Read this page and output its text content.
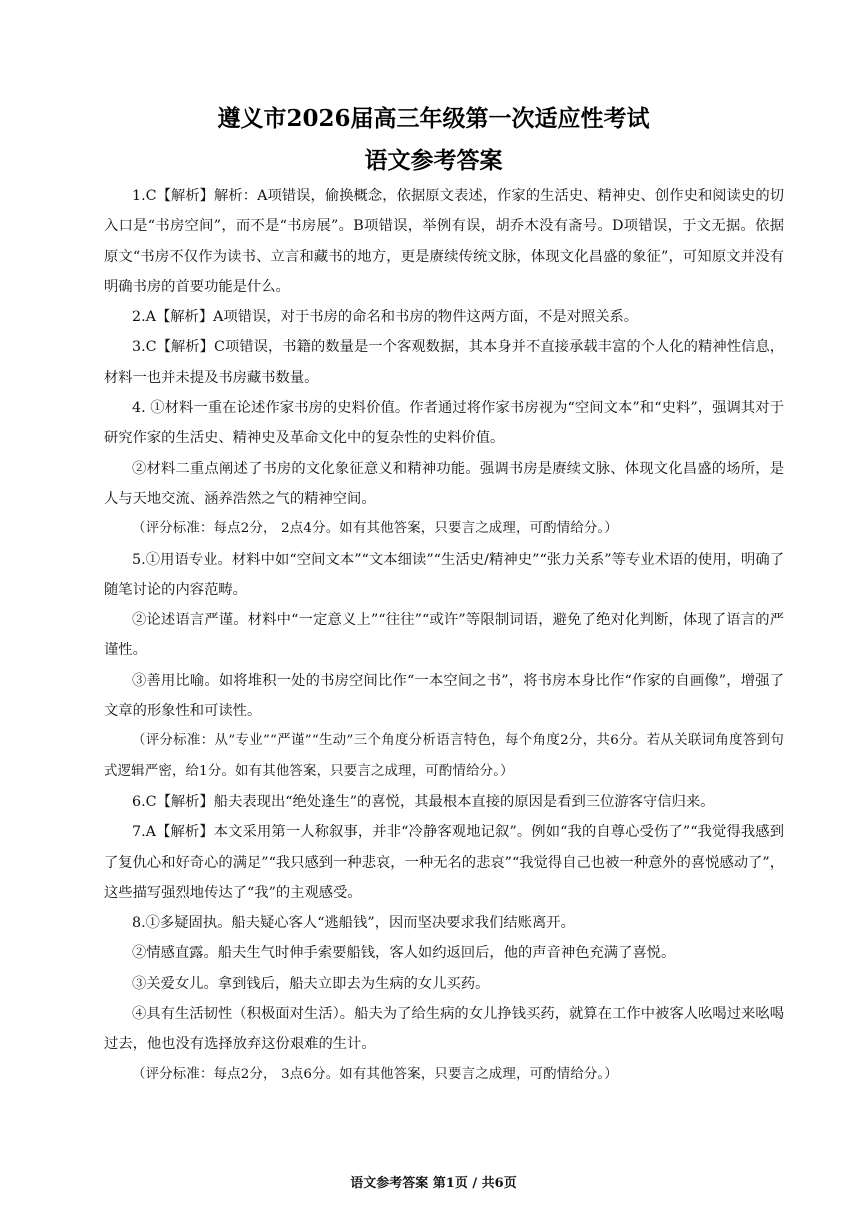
遵义市2026届高三年级第一次适应性考试
语文参考答案

1.C【解析】解析：A项错误，偷换概念，依据原文表述，作家的生活史、精神史、创作史和阅读史的切入口是“书房空间”，而不是“书房展”。B项错误，举例有误，胡乔木没有斋号。D项错误，于文无据。依据原文“书房不仅作为读书、立言和藏书的地方，更是赓续传统文脉，体现文化昌盛的象征”，可知原文并没有明确书房的首要功能是什么。

2.A【解析】A项错误，对于书房的命名和书房的物件这两方面，不是对照关系。

3.C【解析】C项错误，书籍的数量是一个客观数据，其本身并不直接承载丰富的个人化的精神性信息，材料一也并未提及书房藏书数量。

4. ①材料一重在论述作家书房的史料价值。作者通过将作家书房视为“空间文本”和“史料”，强调其对于研究作家的生活史、精神史及革命文化中的复杂性的史料价值。

②材料二重点阐述了书房的文化象征意义和精神功能。强调书房是赓续文脉、体现文化昌盛的场所，是人与天地交流、涵养浩然之气的精神空间。

（评分标准：每点2分， 2点4分。如有其他答案，只要言之成理，可酌情给分。）

5.①用语专业。材料中如“空间文本”“文本细读”“生活史/精神史”“张力关系”等专业术语的使用，明确了随笔讨论的内容范畴。

②论述语言严谨。材料中“一定意义上”“往往”“或许”等限制词语，避免了绝对化判断，体现了语言的严谨性。

③善用比喻。如将堆积一处的书房空间比作“一本空间之书”，将书房本身比作“作家的自画像”，增强了文章的形象性和可读性。

（评分标准：从“专业”“严谨”“生动”三个角度分析语言特色，每个角度2分，共6分。若从关联词角度答到句式逻辑严密，给1分。如有其他答案，只要言之成理，可酌情给分。）

6.C【解析】船夫表现出“绝处逢生”的喜悦，其最根本直接的原因是看到三位游客守信归来。

7.A【解析】本文采用第一人称叙事，并非“冷静客观地记叙”。例如“我的自尊心受伤了”“我觉得我感到了复仇心和好奇心的满足”“我只感到一种悲哀，一种无名的悲哀”“我觉得自己也被一种意外的喜悦感动了”，这些描写强烈地传达了“我”的主观感受。

8.①多疑固执。船夫疑心客人“逃船钱”，因而坚决要求我们结账离开。

②情感直露。船夫生气时伸手索要船钱，客人如约返回后，他的声音神色充满了喜悦。

③关爱女儿。拿到钱后，船夫立即去为生病的女儿买药。

④具有生活韧性（积极面对生活）。船夫为了给生病的女儿挣钱买药，就算在工作中被客人吆喝过来吆喝过去，他也没有选择放弃这份艰难的生计。

（评分标准：每点2分， 3点6分。如有其他答案，只要言之成理，可酌情给分。）

语文参考答案 第1页 / 共6页
